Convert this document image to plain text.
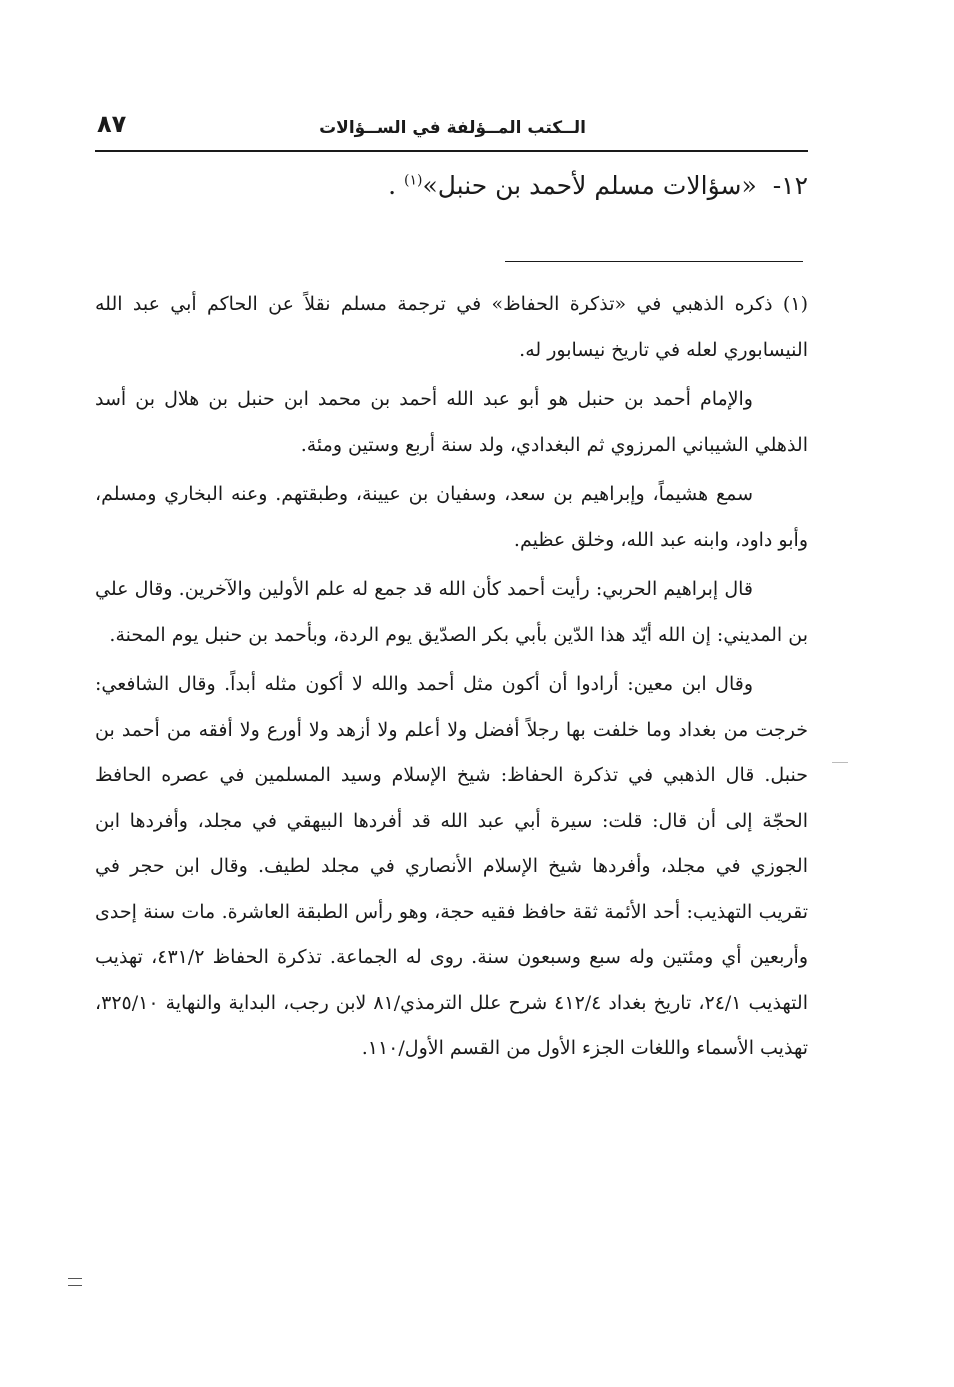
الــكتب المــؤلفة في الســؤالات
٨٧
١٢-  «سؤالات مسلم لأحمد بن حنبل»$^{(١)}$ .

(١) ذكره الذهبي في «تذكرة الحفاظ» في ترجمة مسلم نقلاً عن الحاكم أبي عبد الله النيسابوري لعله في تاريخ نيسابور له.

والإمام أحمد بن حنبل هو أبو عبد الله أحمد بن محمد ابن حنبل بن هلال بن أسد الذهلي الشيباني المرزوي ثم البغدادي، ولد سنة أربع وستين ومئة.

سمع هشيماً، وإبراهيم بن سعد، وسفيان بن عيينة، وطبقتهم. وعنه البخاري ومسلم، وأبو داود، وابنه عبد الله، وخلق عظيم.

قال إبراهيم الحربي: رأيت أحمد كأن الله قد جمع له علم الأولين والآخرين. وقال علي بن المديني: إن الله أيّد هذا الدّين بأبي بكر الصدّيق يوم الردة، وبأحمد بن حنبل يوم المحنة.

وقال ابن معين: أرادوا أن أكون مثل أحمد والله لا أكون مثله أبداً. وقال الشافعي: خرجت من بغداد وما خلفت بها رجلاً أفضل ولا أعلم ولا أزهد ولا أورع ولا أفقه من أحمد بن حنبل. قال الذهبي في تذكرة الحفاظ: شيخ الإسلام وسيد المسلمين في عصره الحافظ الحجّة إلى أن قال: قلت: سيرة أبي عبد الله قد أفردها البيهقي في مجلد، وأفردها ابن الجوزي في مجلد، وأفردها شيخ الإسلام الأنصاري في مجلد لطيف. وقال ابن حجر في تقريب التهذيب: أحد الأئمة ثقة حافظ فقيه حجة، وهو رأس الطبقة العاشرة. مات سنة إحدى وأربعين أي ومئتين وله سبع وسبعون سنة. روى له الجماعة. تذكرة الحفاظ ٤٣١/٢، تهذيب التهذيب ٢٤/١، تاريخ بغداد ٤١٢/٤ شرح علل الترمذي/٨١ لابن رجب، البداية والنهاية ٣٢٥/١٠، تهذيب الأسماء واللغات الجزء الأول من القسم الأول/١١٠.
